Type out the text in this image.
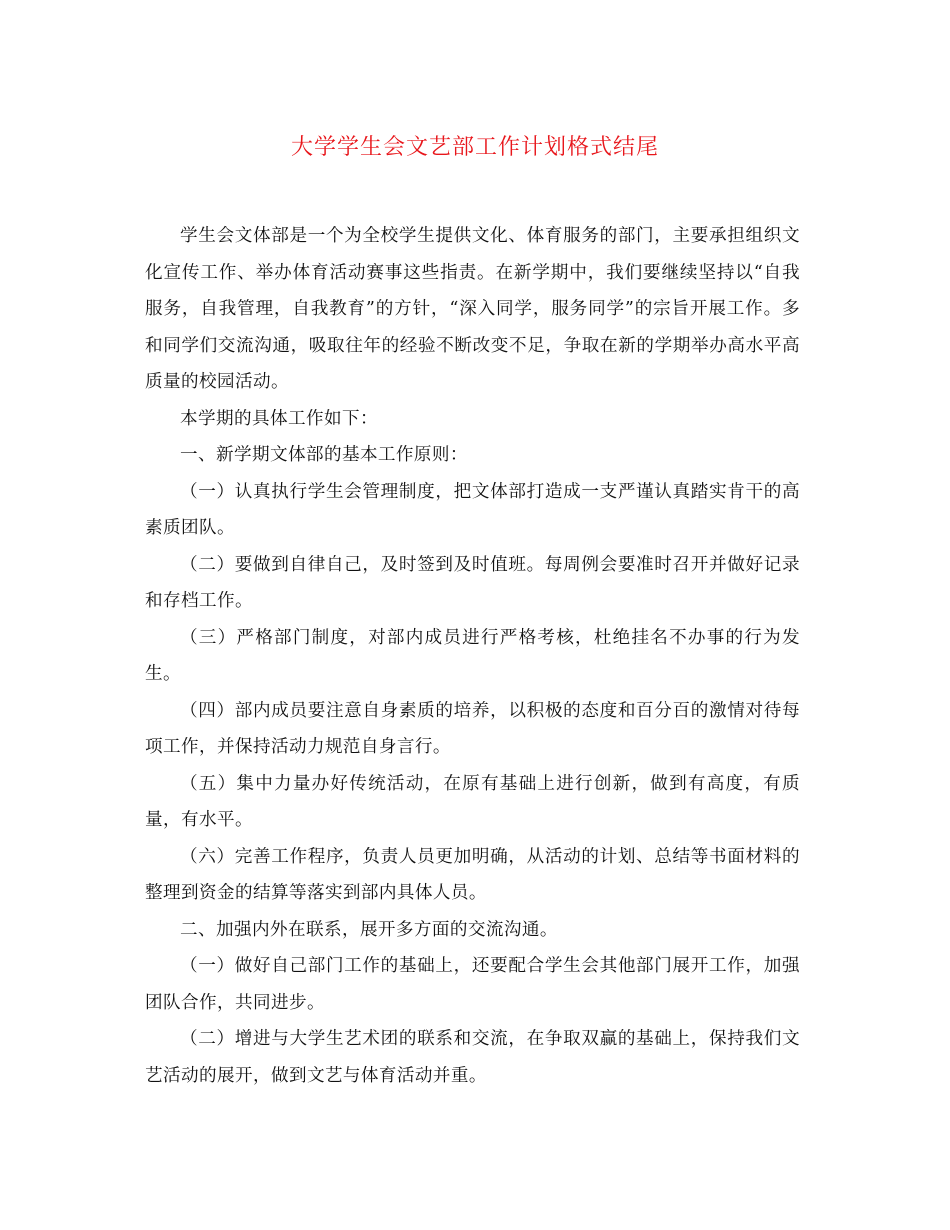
大学学生会文艺部工作计划格式结尾

学生会文体部是一个为全校学生提供文化、体育服务的部门，主要承担组织文化宣传工作、举办体育活动赛事这些指责。在新学期中，我们要继续坚持以“自我服务，自我管理，自我教育”的方针，“深入同学，服务同学”的宗旨开展工作。多和同学们交流沟通，吸取往年的经验不断改变不足，争取在新的学期举办高水平高质量的校园活动。

本学期的具体工作如下：

一、新学期文体部的基本工作原则：

（一）认真执行学生会管理制度，把文体部打造成一支严谨认真踏实肯干的高素质团队。

（二）要做到自律自己，及时签到及时值班。每周例会要准时召开并做好记录和存档工作。

（三）严格部门制度，对部内成员进行严格考核，杜绝挂名不办事的行为发生。

（四）部内成员要注意自身素质的培养，以积极的态度和百分百的激情对待每项工作，并保持活动力规范自身言行。

（五）集中力量办好传统活动，在原有基础上进行创新，做到有高度，有质量，有水平。

（六）完善工作程序，负责人员更加明确，从活动的计划、总结等书面材料的整理到资金的结算等落实到部内具体人员。

二、加强内外在联系，展开多方面的交流沟通。

（一）做好自己部门工作的基础上，还要配合学生会其他部门展开工作，加强团队合作，共同进步。

（二）增进与大学生艺术团的联系和交流，在争取双赢的基础上，保持我们文艺活动的展开，做到文艺与体育活动并重。
